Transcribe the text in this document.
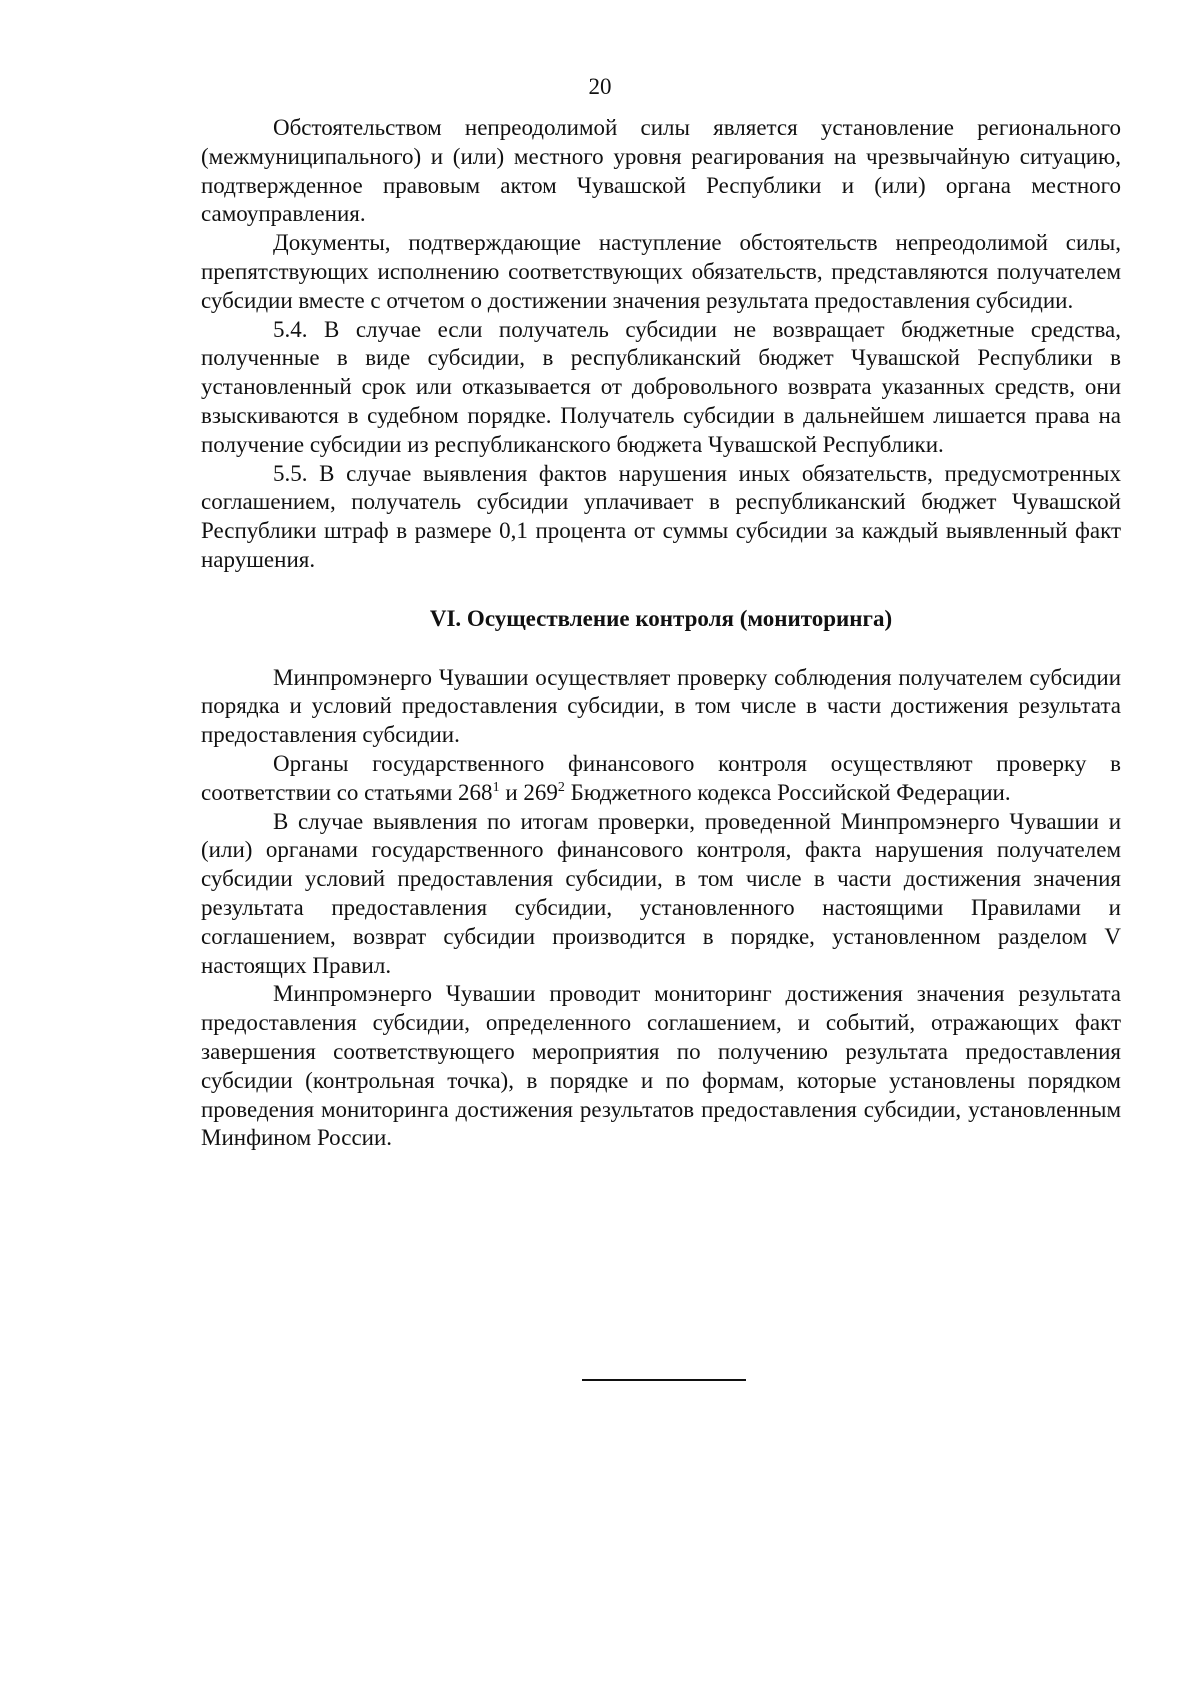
20

Обстоятельством непреодолимой силы является установление регионального (межмуниципального) и (или) местного уровня реагирования на чрезвычайную ситуацию, подтвержденное правовым актом Чувашской Республики и (или) органа местного самоуправления.

Документы, подтверждающие наступление обстоятельств непреодолимой силы, препятствующих исполнению соответствующих обязательств, представляются получателем субсидии вместе с отчетом о достижении значения результата предоставления субсидии.

5.4. В случае если получатель субсидии не возвращает бюджетные средства, полученные в виде субсидии, в республиканский бюджет Чувашской Республики в установленный срок или отказывается от добровольного возврата указанных средств, они взыскиваются в судебном порядке. Получатель субсидии в дальнейшем лишается права на получение субсидии из республиканского бюджета Чувашской Республики.

5.5. В случае выявления фактов нарушения иных обязательств, предусмотренных соглашением, получатель субсидии уплачивает в республиканский бюджет Чувашской Республики штраф в размере 0,1 процента от суммы субсидии за каждый выявленный факт нарушения.

VI. Осуществление контроля (мониторинга)

Минпромэнерго Чувашии осуществляет проверку соблюдения получателем субсидии порядка и условий предоставления субсидии, в том числе в части достижения результата предоставления субсидии.

Органы государственного финансового контроля осуществляют проверку в соответствии со статьями $268^1$ и $269^2$ Бюджетного кодекса Российской Федерации.

В случае выявления по итогам проверки, проведенной Минпромэнерго Чувашии и (или) органами государственного финансового контроля, факта нарушения получателем субсидии условий предоставления субсидии, в том числе в части достижения значения результата предоставления субсидии, установленного настоящими Правилами и соглашением, возврат субсидии производится в порядке, установленном разделом V настоящих Правил.

Минпромэнерго Чувашии проводит мониторинг достижения значения результата предоставления субсидии, определенного соглашением, и событий, отражающих факт завершения соответствующего мероприятия по получению результата предоставления субсидии (контрольная точка), в порядке и по формам, которые установлены порядком проведения мониторинга достижения результатов предоставления субсидии, установленным Минфином России.
